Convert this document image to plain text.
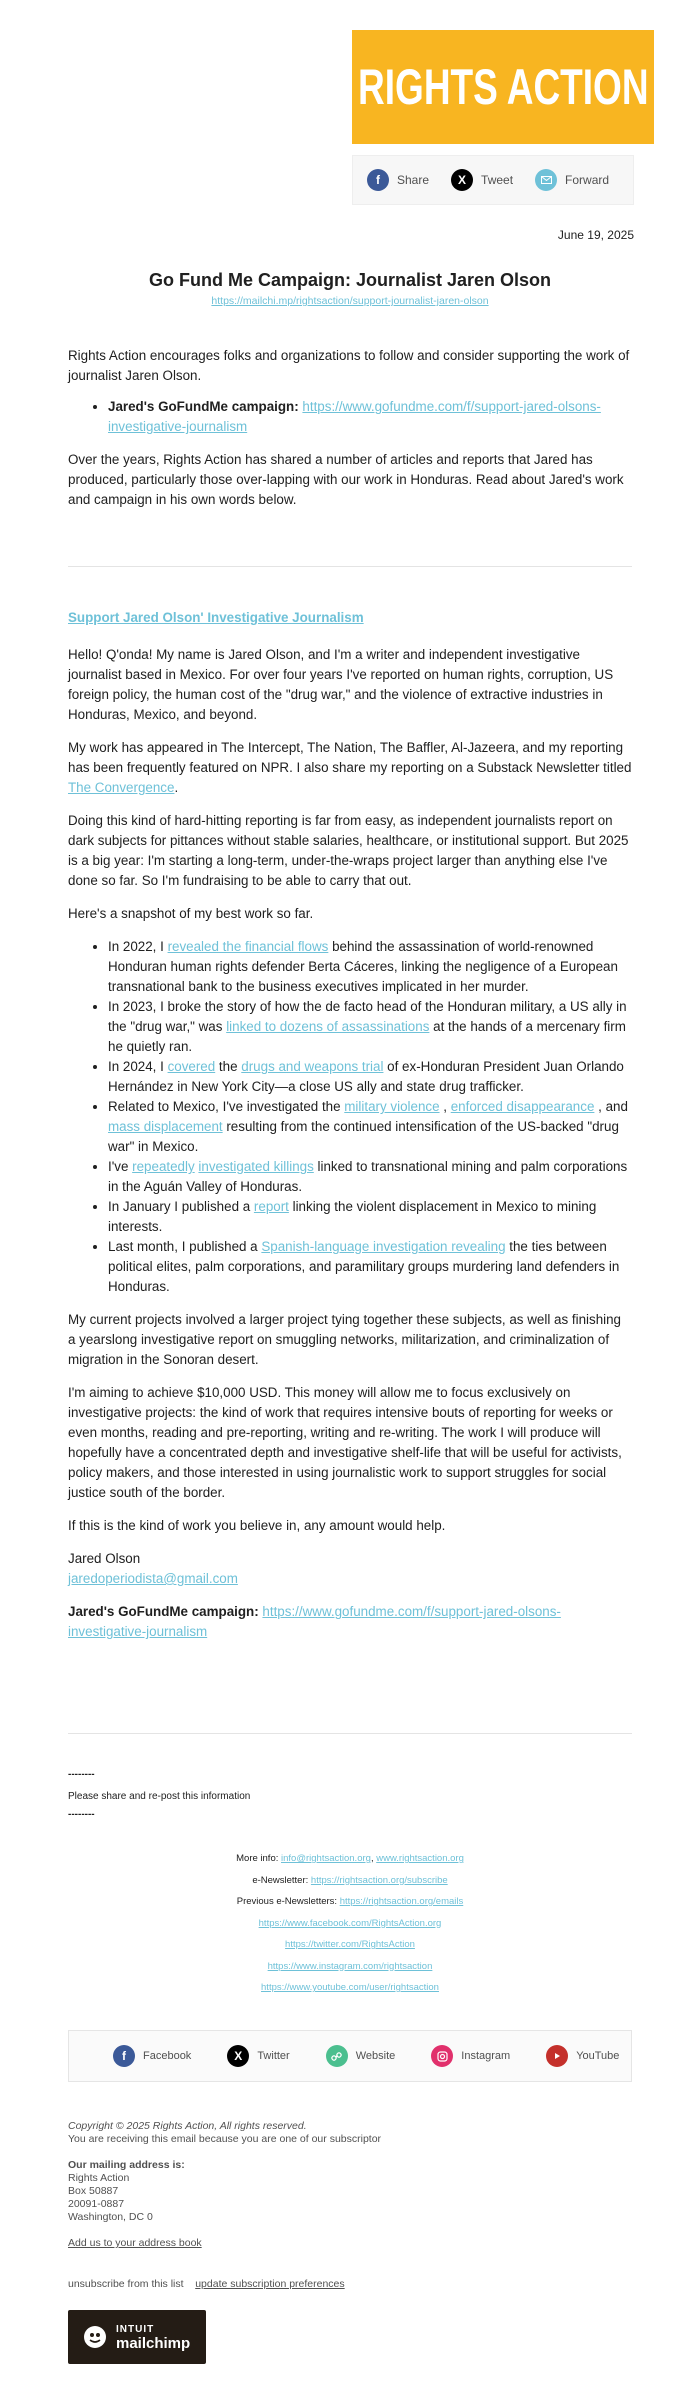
RIGHTS ACTION
f	Share	X	Tweet	Forward
June 19, 2025
Go Fund Me Campaign: Journalist Jaren Olson
https://mailchi.mp/rightsaction/support-journalist-jaren-olson

Rights Action encourages folks and organizations to follow and consider supporting the work of journalist Jaren Olson.

• Jared's GoFundMe campaign: https://www.gofundme.com/f/support-jared-olsons-investigative-journalism

Over the years, Rights Action has shared a number of articles and reports that Jared has produced, particularly those over-lapping with our work in Honduras. Read about Jared's work and campaign in his own words below.

Support Jared Olson' Investigative Journalism

Hello! Q'onda! My name is Jared Olson, and I'm a writer and independent investigative journalist based in Mexico. For over four years I've reported on human rights, corruption, US foreign policy, the human cost of the "drug war," and the violence of extractive industries in Honduras, Mexico, and beyond.

My work has appeared in The Intercept, The Nation, The Baffler, Al-Jazeera, and my reporting has been frequently featured on NPR. I also share my reporting on a Substack Newsletter titled The Convergence.

Doing this kind of hard-hitting reporting is far from easy, as independent journalists report on dark subjects for pittances without stable salaries, healthcare, or institutional support. But 2025 is a big year: I'm starting a long-term, under-the-wraps project larger than anything else I've done so far. So I'm fundraising to be able to carry that out.

Here's a snapshot of my best work so far.

• In 2022, I revealed the financial flows behind the assassination of world-renowned Honduran human rights defender Berta Cáceres, linking the negligence of a European transnational bank to the business executives implicated in her murder.
• In 2023, I broke the story of how the de facto head of the Honduran military, a US ally in the "drug war," was linked to dozens of assassinations at the hands of a mercenary firm he quietly ran.
• In 2024, I covered the drugs and weapons trial of ex-Honduran President Juan Orlando Hernández in New York City—a close US ally and state drug trafficker.
• Related to Mexico, I've investigated the military violence , enforced disappearance , and mass displacement resulting from the continued intensification of the US-backed "drug war" in Mexico.
• I've repeatedly investigated killings linked to transnational mining and palm corporations in the Aguán Valley of Honduras.
• In January I published a report linking the violent displacement in Mexico to mining interests.
• Last month, I published a Spanish-language investigation revealing the ties between political elites, palm corporations, and paramilitary groups murdering land defenders in Honduras.

My current projects involved a larger project tying together these subjects, as well as finishing a yearslong investigative report on smuggling networks, militarization, and criminalization of migration in the Sonoran desert.

I'm aiming to achieve $10,000 USD. This money will allow me to focus exclusively on investigative projects: the kind of work that requires intensive bouts of reporting for weeks or even months, reading and pre-reporting, writing and re-writing. The work I will produce will hopefully have a concentrated depth and investigative shelf-life that will be useful for activists, policy makers, and those interested in using journalistic work to support struggles for social justice south of the border.

If this is the kind of work you believe in, any amount would help.

Jared Olson

jaredoperiodista@gmail.com

Jared's GoFundMe campaign: https://www.gofundme.com/f/support-jared-olsons-investigative-journalism

--------
Please share and re-post this information
--------
More info: info@rightsaction.org, www.rightsaction.org
e-Newsletter: https://rightsaction.org/subscribe
Previous e-Newsletters: https://rightsaction.org/emails
https://www.facebook.com/RightsAction.org
https://twitter.com/RightsAction
https://www.instagram.com/rightsaction
https://www.youtube.com/user/rightsaction
f	Facebook	X	Twitter	Website	Instagram	YouTube
Copyright © 2025 Rights Action, All rights reserved.
You are receiving this email because you are one of our subscriptor
Our mailing address is:
Rights Action
Box 50887
20091-0887
Washington, DC 0
Add us to your address book
unsubscribe from this list update subscription preferences
INTUIT
mailchimp
